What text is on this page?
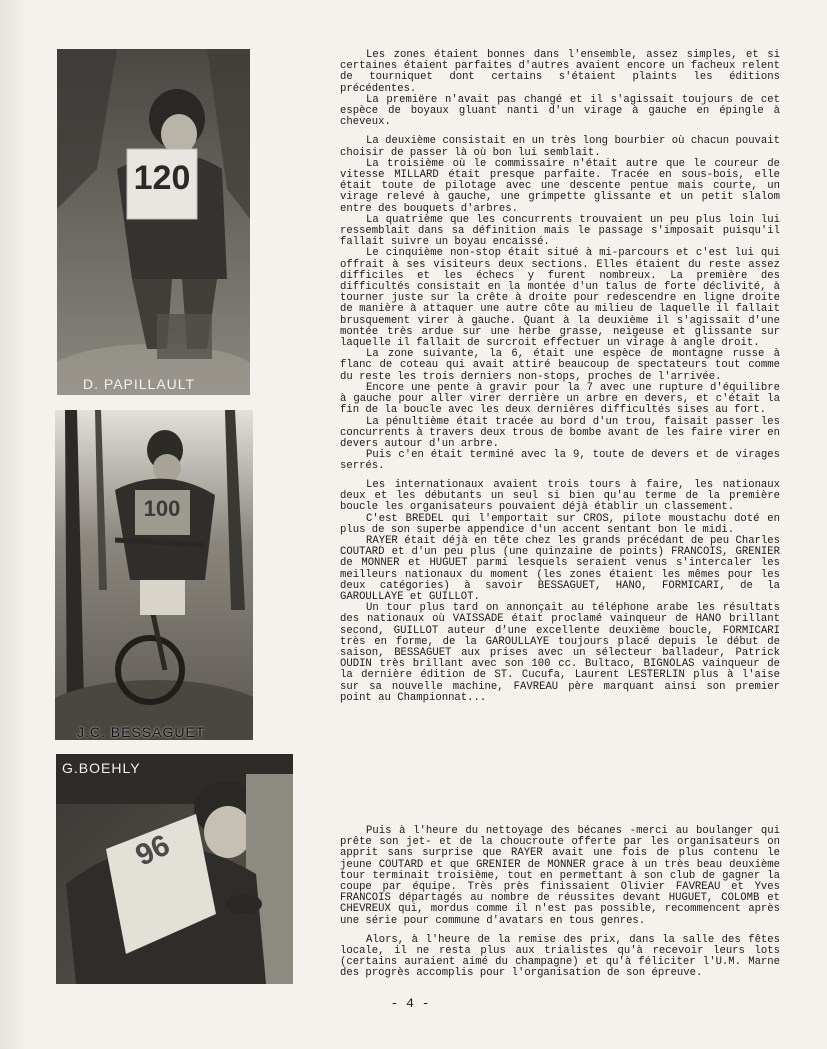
120
D. PAPILLAULT
100
J.C. BESSAGUET
96
G.BOEHLY

Les zones étaient bonnes dans l'ensemble, assez simples, et si certaines étaient parfaites d'autres avaient encore un facheux relent de tourniquet dont certains s'étaient plaints les éditions précédentes.

La premiëre n'avait pas changé et il s'agissait toujours de cet espèce de boyaux gluant nanti d'un virage à gauche en épingle à cheveux.

La deuxième consistait en un très long bourbier où chacun pouvait choisir de passer là où bon lui semblait.

La troisième où le commissaire n'était autre que le coureur de vitesse MILLARD était presque parfaite. Tracée en sous-bois, elle était toute de pilotage avec une descente pentue mais courte, un virage relevé à gauche, une grimpette glissante et un petit slalom entre des bouquets d'arbres.

La quatrième que les concurrents trouvaient un peu plus loin lui ressemblait dans sa définition mais le passage s'imposait puisqu'il fallait suivre un boyau encaissé.

Le cinquième non-stop était situé à mi-parcours et c'est lui qui offrait à ses visiteurs deux sections. Elles étaient du reste assez difficiles et les échecs y furent nombreux. La première des difficultés consistait en la montée d'un talus de forte déclivité, à tourner juste sur la crête à droite pour redescendre en ligne droite de manière à attaquer une autre côte au milieu de laquelle il fallait brusquement virer à gauche. Quant à la deuxième il s'agissait d'une montée très ardue sur une herbe grasse, neigeuse et glissante sur laquelle il fallait de surcroit effectuer un virage à angle droit.

La zone suivante, la 6, était une espèce de montagne russe à flanc de coteau qui avait attiré beaucoup de spectateurs tout comme du reste les trois derniers non-stops, proches de l'arrivée.

Encore une pente à gravir pour la 7 avec une rupture d'équilibre à gauche pour aller virer derrière un arbre en devers, et c'était la fin de la boucle avec les deux dernières difficultés sises au fort.

La pénultième était tracée au bord d'un trou, faisait passer les concurrents à travers deux trous de bombe avant de les faire virer en devers autour d'un arbre.

Puis c'en était terminé avec la 9, toute de devers et de virages serrés.

Les internationaux avaient trois tours à faire, les nationaux deux et les débutants un seul si bien qu'au terme de la première boucle les organisateurs pouvaient déjà établir un classement.

C'est BREDEL qui l'emportait sur CROS, pilote moustachu doté en plus de son superbe appendice d'un accent sentant bon le midi.

RAYER était déjà en tête chez les grands précédant de peu Charles COUTARD et d'un peu plus (une quinzaine de points) FRANCOIS, GRENIER de MONNER et HUGUET parmi lesquels seraient venus s'intercaler les meilleurs nationaux du moment (les zones étaient les mêmes pour les deux catégories) à savoir BESSAGUET, HANO, FORMICARI, de la GAROULLAYE et GUILLOT.

Un tour plus tard on annonçait au téléphone arabe les résultats des nationaux où VAISSADE était proclamé vainqueur de HANO brillant second, GUILLOT auteur d'une excellente deuxième boucle, FORMICARI très en forme, de la GAROULLAYE toujours placé depuis le début de saison, BESSAGUET aux prises avec un sélecteur balladeur, Patrick OUDIN très brillant avec son 100 cc. Bultaco, BIGNOLAS vainqueur de la dernière édition de ST. Cucufa, Laurent LESTERLIN plus à l'aise sur sa nouvelle machine, FAVREAU père marquant ainsi son premier point au Championnat...

Puis à l'heure du nettoyage des bécanes -merci au boulanger qui prête son jet- et de la choucroute offerte par les organisateurs on apprit sans surprise que RAYER avait une fois de plus contenu le jeune COUTARD et que GRENIER de MONNER grace à un très beau deuxième tour terminait troisième, tout en permettant à son club de gagner la coupe par équipe. Très près finissaient Olivier FAVREAU et Yves FRANCOIS départagés au nombre de réussites devant HUGUET, COLOMB et CHEVREUX qui, mordus comme il n'est pas possible, recommencent après une série pour commune d'avatars en tous genres.

Alors, à l'heure de la remise des prix, dans la salle des fêtes locale, il ne resta plus aux trialistes qu'à recevoir leurs lots (certains auraient aimé du champagne) et qu'à féliciter l'U.M. Marne des progrès accomplis pour l'organisation de son épreuve.

- 4 -
